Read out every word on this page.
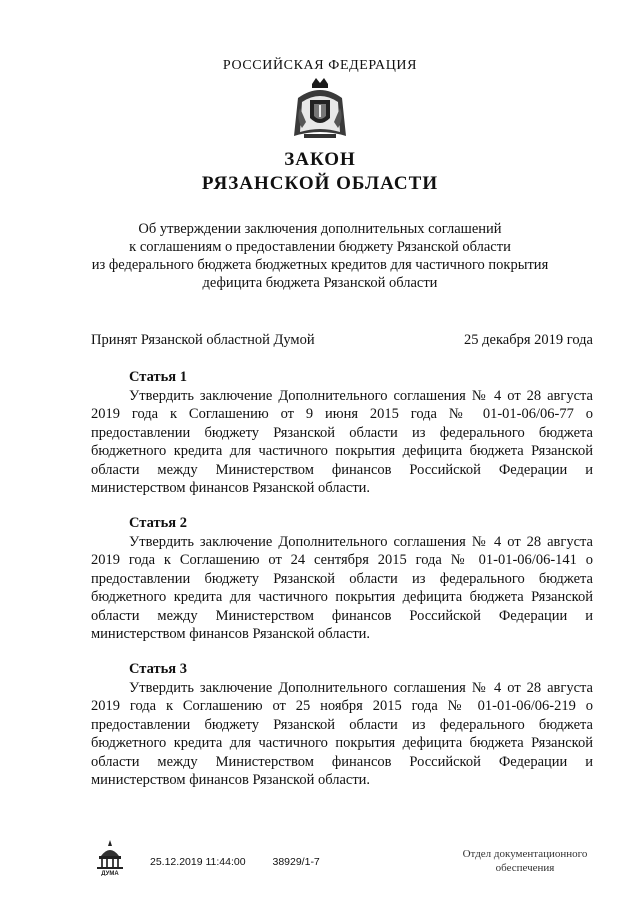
РОССИЙСКАЯ ФЕДЕРАЦИЯ
ЗАКОН
РЯЗАНСКОЙ ОБЛАСТИ
Об утверждении заключения дополнительных соглашений
к соглашениям о предоставлении бюджету Рязанской области
из федерального бюджета бюджетных кредитов для частичного покрытия
дефицита бюджета Рязанской области
Принят Рязанской областной Думой	25 декабря 2019 года
Статья 1

Утвердить заключение Дополнительного соглашения № 4 от 28 августа 2019 года к Соглашению от 9 июня 2015 года № 01-01-06/06-77 о предоставлении бюджету Рязанской области из федерального бюджета бюджетного кредита для частичного покрытия дефицита бюджета Рязанской области между Министерством финансов Российской Федерации и министерством финансов Рязанской области.

Статья 2

Утвердить заключение Дополнительного соглашения № 4 от 28 августа 2019 года к Соглашению от 24 сентября 2015 года № 01-01-06/06-141 о предоставлении бюджету Рязанской области из федерального бюджета бюджетного кредита для частичного покрытия дефицита бюджета Рязанской области между Министерством финансов Российской Федерации и министерством финансов Рязанской области.

Статья 3

Утвердить заключение Дополнительного соглашения № 4 от 28 августа 2019 года к Соглашению от 25 ноября 2015 года № 01-01-06/06-219 о предоставлении бюджету Рязанской области из федерального бюджета бюджетного кредита для частичного покрытия дефицита бюджета Рязанской области между Министерством финансов Российской Федерации и министерством финансов Рязанской области.

ДУМА
25.12.2019 11:44:00	38929/1-7
Отдел документационного
обеспечения
